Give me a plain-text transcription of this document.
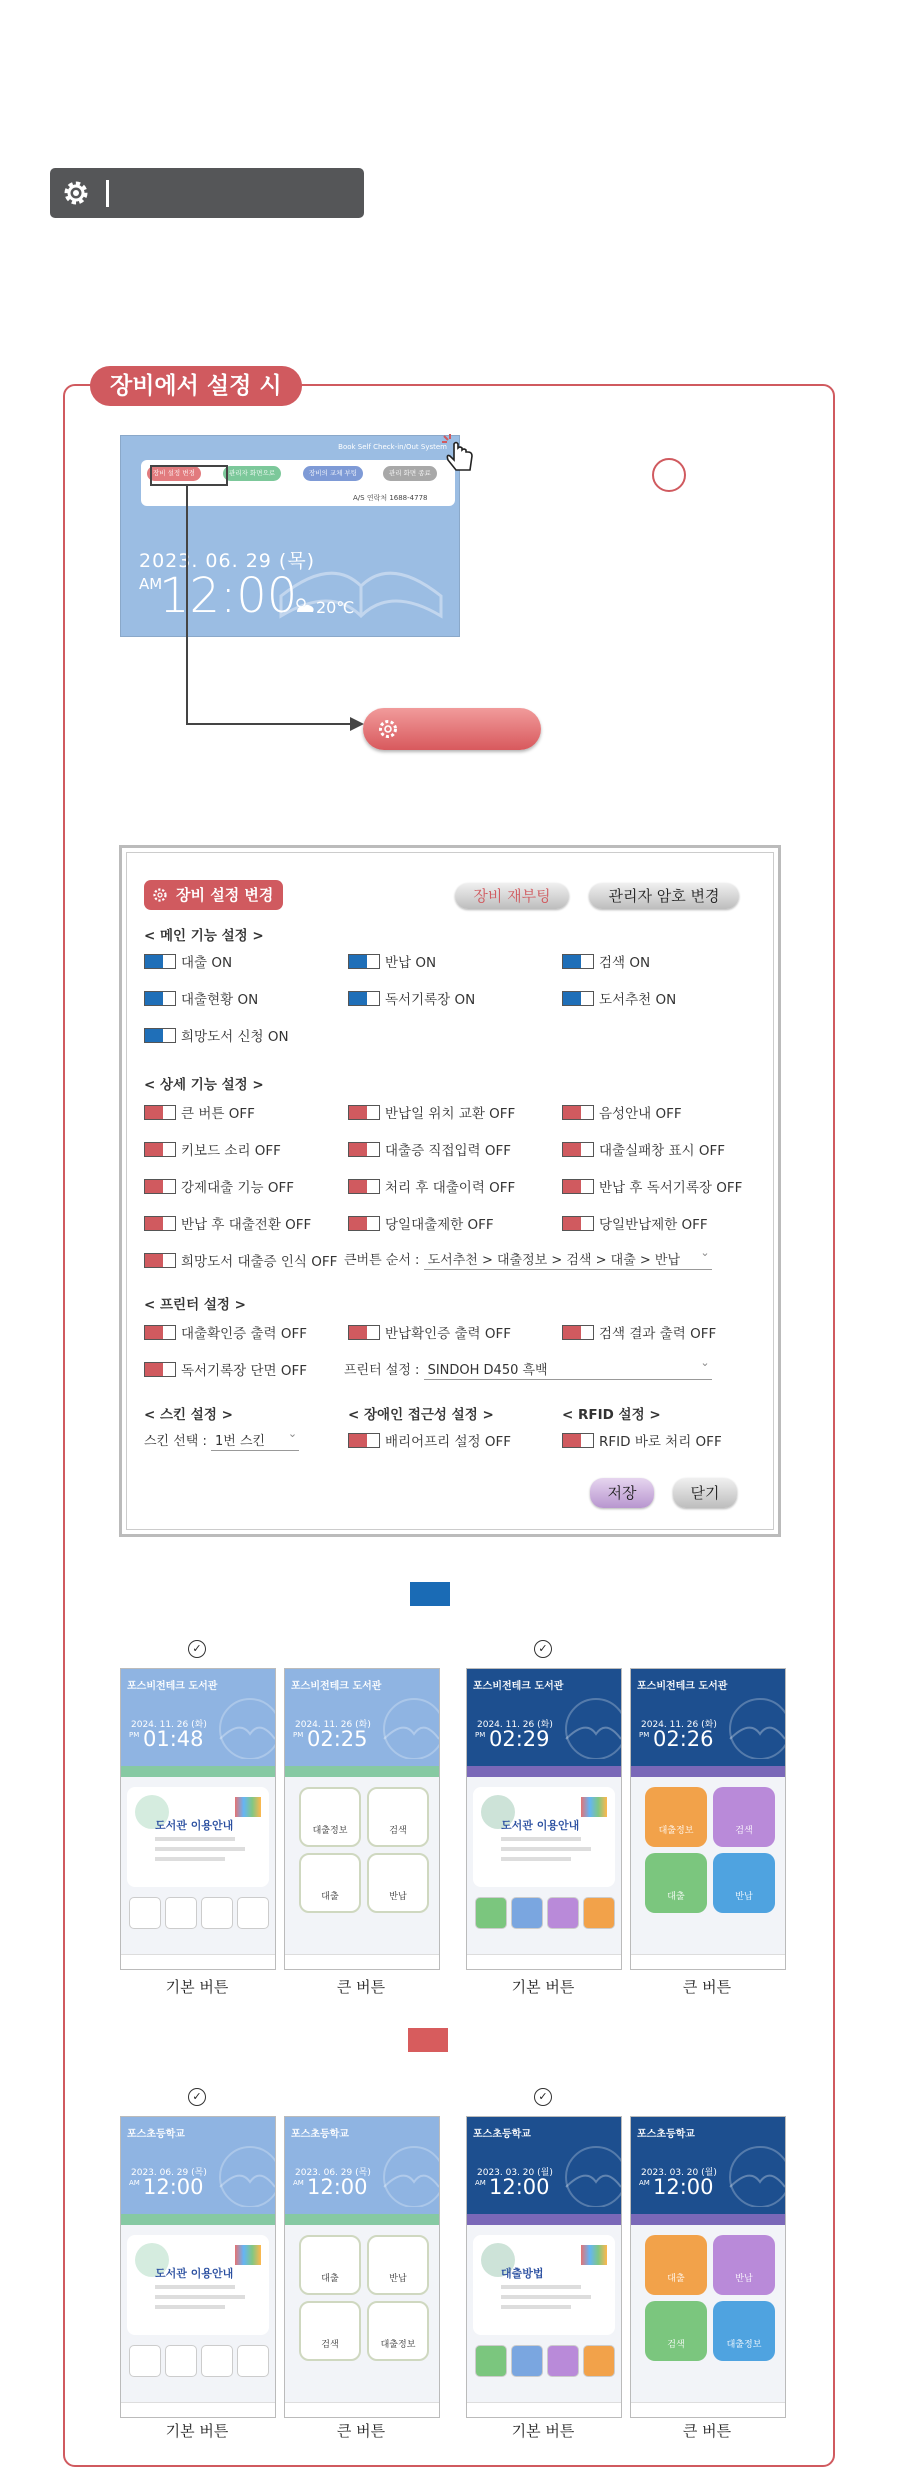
장비에서 설정 시
Book Self Check-in/Out System
장비 설정 변경	관리자 화면으로	장비의 교체 부팅	관리 화면 종료
A/S 연락처 1688-4778
2023. 06. 29 (목)
AM
12:00 20℃
장비 설정 변경	장비 재부팅	관리자 암호 변경
< 메인 기능 설정 >
대출 ON	반납 ON	검색 ON
대출현황 ON	독서기록장 ON	도서추천 ON
희망도서 신청 ON
< 상세 기능 설정 >
큰 버튼 OFF	반납일 위치 교환 OFF	음성안내 OFF
키보드 소리 OFF	대출증 직접입력 OFF	대출실패창 표시 OFF
강제대출 기능 OFF	처리 후 대출이력 OFF	반납 후 독서기록장 OFF
반납 후 대출전환 OFF	당일대출제한 OFF	당일반납제한 OFF
희망도서 대출증 인식 OFF 큰버튼 순서 : 도서추천 > 대출정보 > 검색 > 대출 > 반납 ⌄
< 프린터 설정 >
대출확인증 출력 OFF	반납확인증 출력 OFF	검색 결과 출력 OFF
독서기록장 단면 OFF	프린터 설정 : SINDOH D450 흑백 ⌄
< 스킨 설정 >
스킨 선택 : 1번 스킨 ⌄
< 장애인 접근성 설정 >
배리어프리 설정 OFF
< RFID 설정 >
RFID 바로 처리 OFF
저장	닫기
포스비전테크 도서관
2024. 11. 26 (화)
PM 01:48
도서관 이용안내
✓
기본 버튼
포스비전테크 도서관
2024. 11. 26 (화)
PM 02:25
대출정보	검색
대출	반납
큰 버튼
포스비전테크 도서관
2024. 11. 26 (화)
PM 02:29
도서관 이용안내
✓
기본 버튼
포스비전테크 도서관
2024. 11. 26 (화)
PM 02:26
대출정보	검색
대출	반납
큰 버튼
포스초등학교
2023. 06. 29 (목)
AM 12:00
도서관 이용안내
✓
기본 버튼
포스초등학교
2023. 06. 29 (목)
AM 12:00
대출	반납
검색	대출정보
큰 버튼
포스초등학교
2023. 03. 20 (월)
AM 12:00
대출방법
✓
기본 버튼
포스초등학교
2023. 03. 20 (월)
AM 12:00
대출	반납
검색	대출정보
큰 버튼
